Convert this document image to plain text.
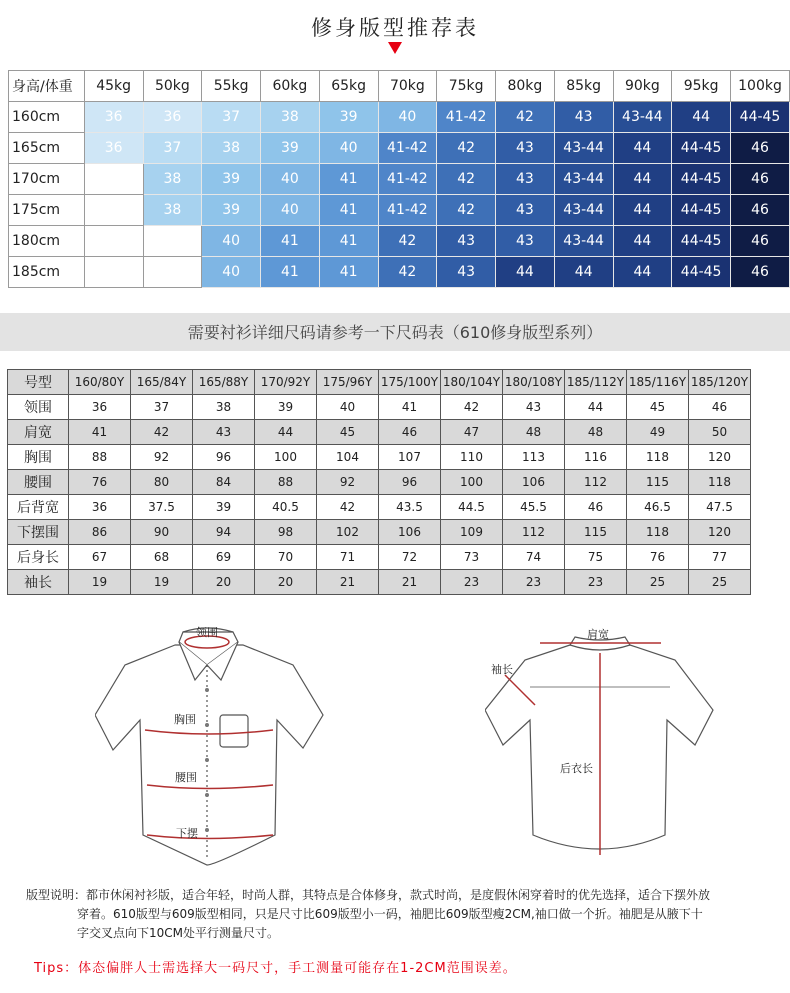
修身版型推荐表
身高/体重	45kg	50kg	55kg	60kg	65kg	70kg	75kg	80kg	85kg	90kg	95kg	100kg
160cm	36	36	37	38	39	40	41-42	42	43	43-44	44	44-45
165cm	36	37	38	39	40	41-42	42	43	43-44	44	44-45	46
170cm		38	39	40	41	41-42	42	43	43-44	44	44-45	46
175cm		38	39	40	41	41-42	42	43	43-44	44	44-45	46
180cm			40	41	41	42	43	43	43-44	44	44-45	46
185cm			40	41	41	42	43	44	44	44	44-45	46
需要衬衫详细尺码请参考一下尺码表（610修身版型系列）
号型	160/80Y	165/84Y	165/88Y	170/92Y	175/96Y	175/100Y	180/104Y	180/108Y	185/112Y	185/116Y	185/120Y
领围	36	37	38	39	40	41	42	43	44	45	46
肩宽	41	42	43	44	45	46	47	48	48	49	50
胸围	88	92	96	100	104	107	110	113	116	118	120
腰围	76	80	84	88	92	96	100	106	112	115	118
后背宽	36	37.5	39	40.5	42	43.5	44.5	45.5	46	46.5	47.5
下摆围	86	90	94	98	102	106	109	112	115	118	120
后身长	67	68	69	70	71	72	73	74	75	76	77
袖长	19	19	20	20	21	21	23	23	23	25	25
领围
胸围
腰围
下摆
肩宽
袖长
后衣长
版型说明：都市休闲衬衫版，适合年轻，时尚人群，其特点是合体修身，款式时尚，是度假休闲穿着时的优先选择，适合下摆外放
穿着。610版型与609版型相同，只是尺寸比609版型小一码，袖肥比609版型瘦2CM,袖口做一个折。袖肥是从腋下十
字交叉点向下10CM处平行测量尺寸。
Tips：体态偏胖人士需选择大一码尺寸，手工测量可能存在1-2CM范围误差。
